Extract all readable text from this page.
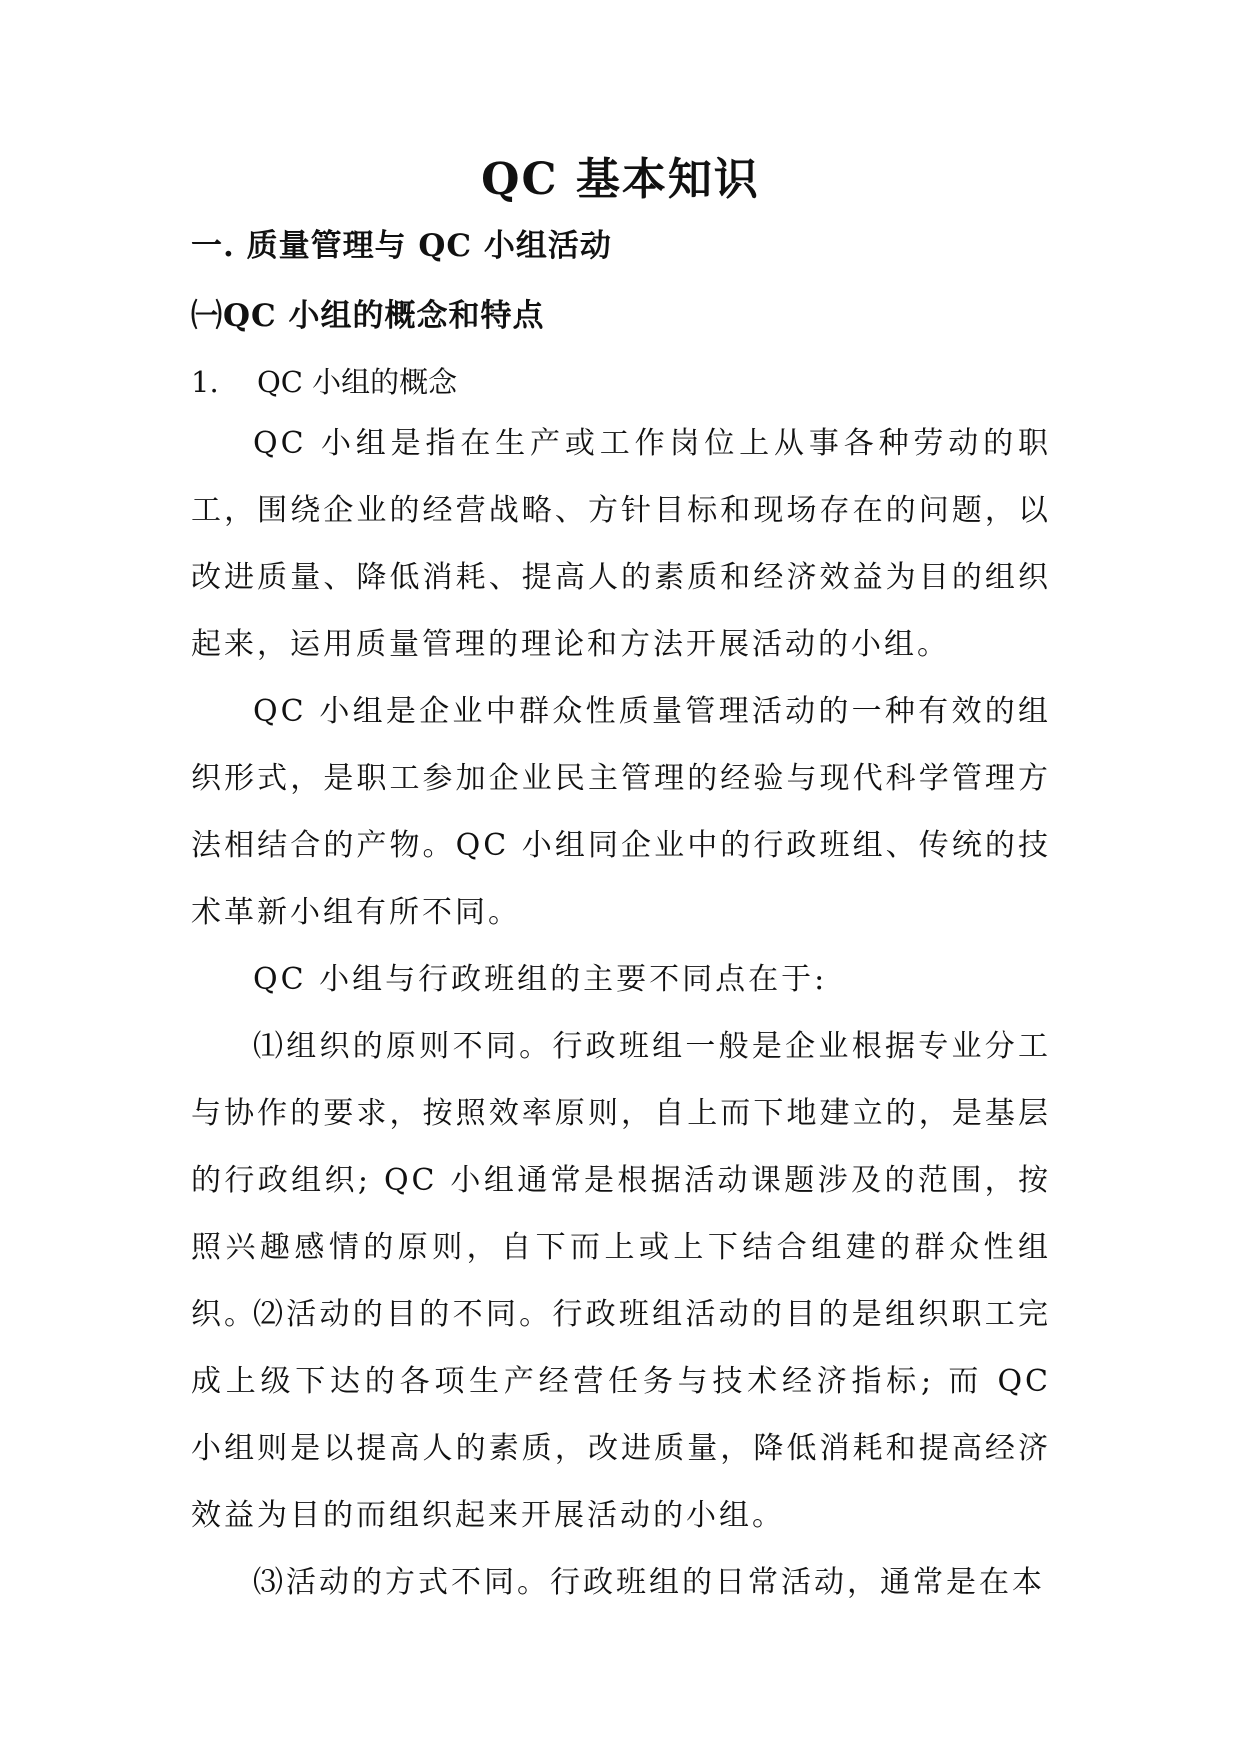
QC 基本知识
一. 质量管理与 QC 小组活动
㈠QC 小组的概念和特点
1. QC 小组的概念
QC 小组是指在生产或工作岗位上从事各种劳动的职工，围绕企业的经营战略、方针目标和现场存在的问题，以改进质量、降低消耗、提高人的素质和经济效益为目的组织起来，运用质量管理的理论和方法开展活动的小组。
QC 小组是企业中群众性质量管理活动的一种有效的组织形式，是职工参加企业民主管理的经验与现代科学管理方法相结合的产物。QC 小组同企业中的行政班组、传统的技术革新小组有所不同。
QC 小组与行政班组的主要不同点在于:
⑴组织的原则不同。行政班组一般是企业根据专业分工与协作的要求，按照效率原则，自上而下地建立的，是基层的行政组织; QC 小组通常是根据活动课题涉及的范围，按照兴趣感情的原则，自下而上或上下结合组建的群众性组织。
⑵活动的目的不同。行政班组活动的目的是组织职工完成上级下达的各项生产经营任务与技术经济指标; 而 QC 小组则是以提高人的素质，改进质量，降低消耗和提高经济效益为目的而组织起来开展活动的小组。
⑶活动的方式不同。行政班组的日常活动，通常是在本
